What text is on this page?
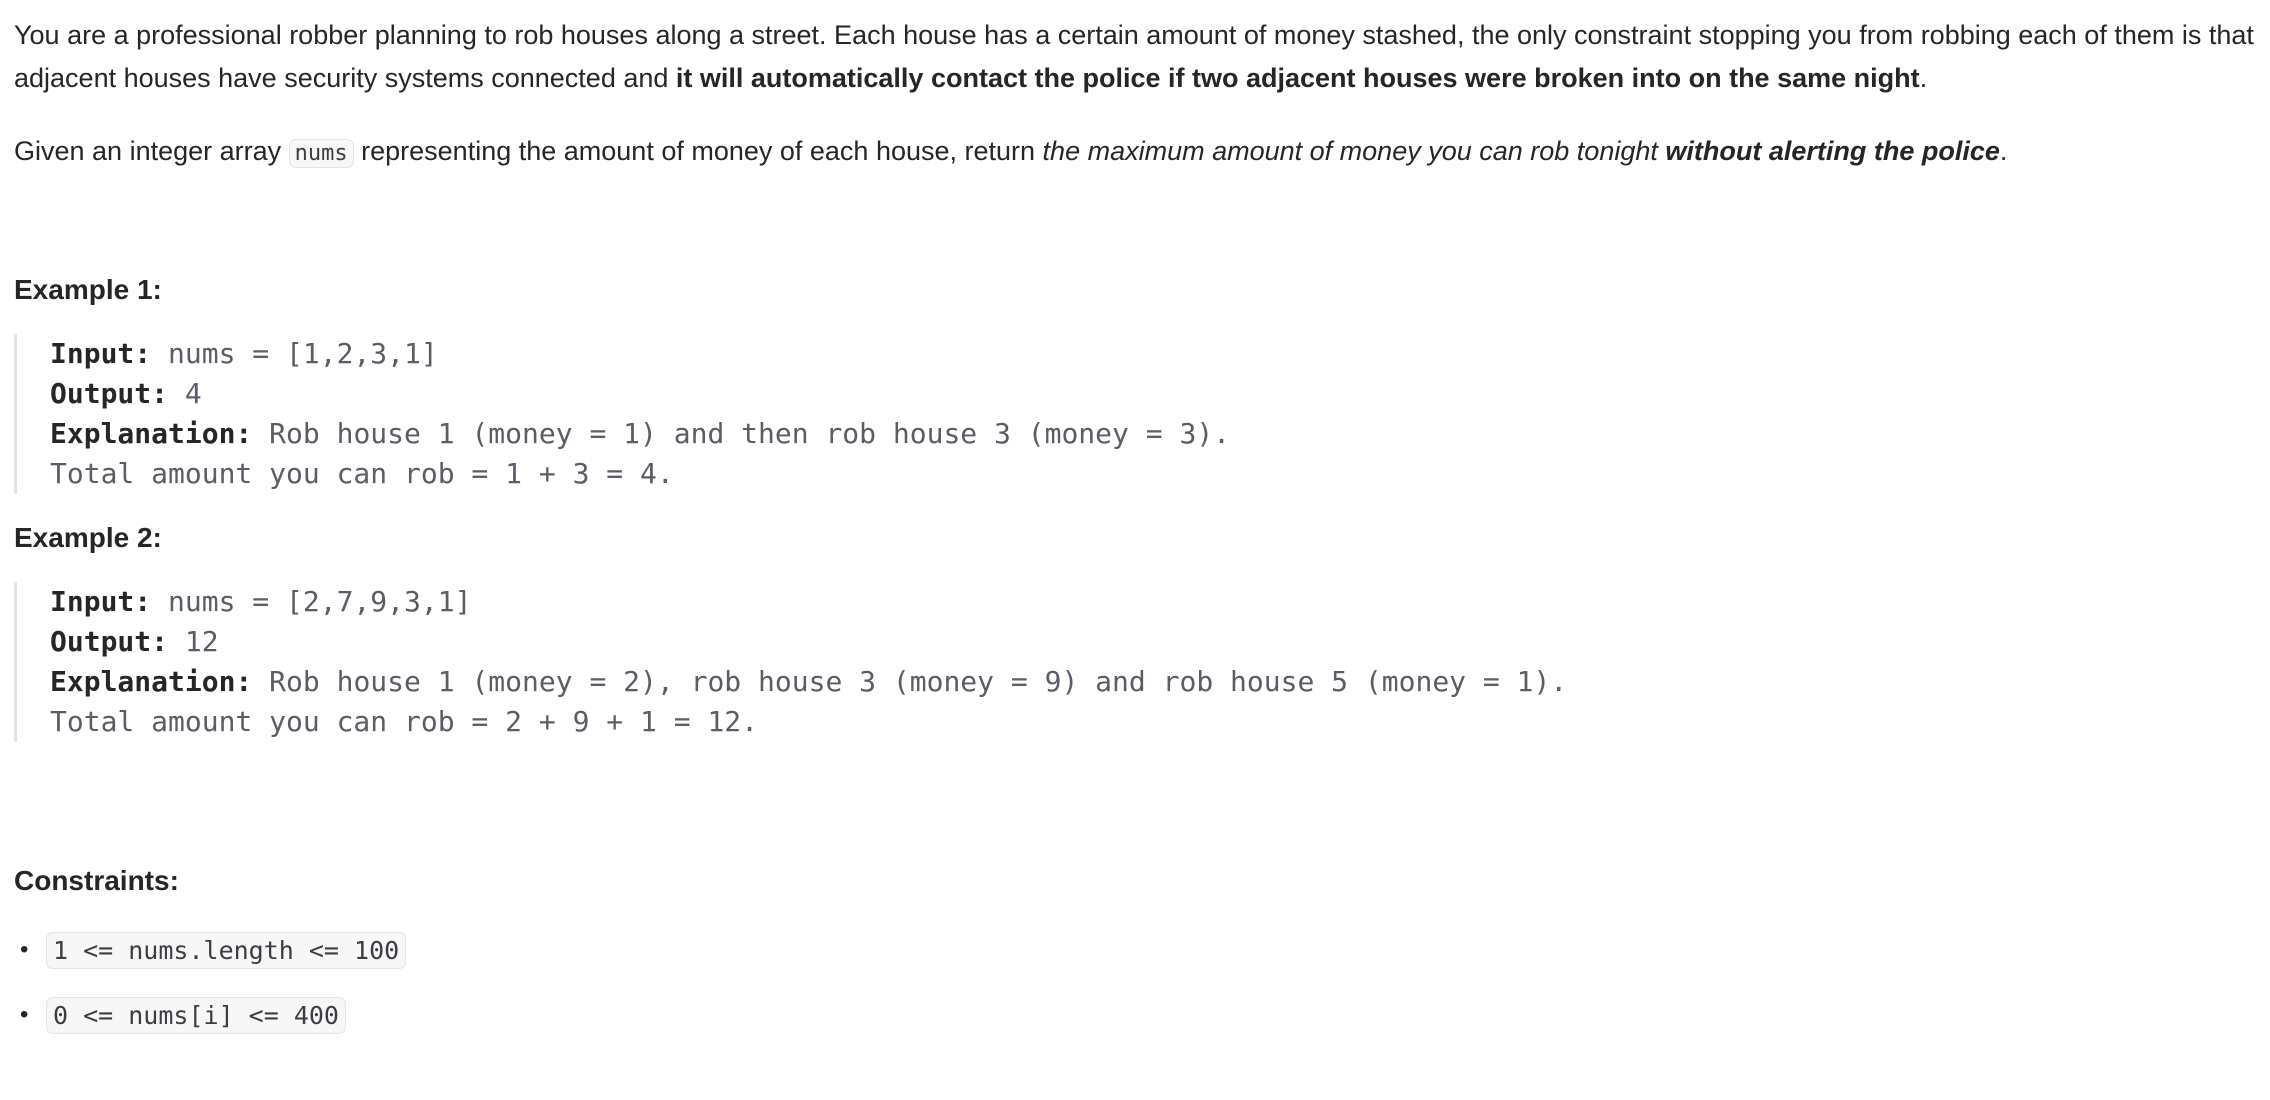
You are a professional robber planning to rob houses along a street. Each house has a certain amount of money stashed, the only constraint stopping you from robbing each of them is that adjacent houses have security systems connected and it will automatically contact the police if two adjacent houses were broken into on the same night.

Given an integer array nums representing the amount of money of each house, return the maximum amount of money you can rob tonight without alerting the police.

Example 1:
Input: nums = [1,2,3,1]
Output: 4
Explanation: Rob house 1 (money = 1) and then rob house 3 (money = 3).
Total amount you can rob = 1 + 3 = 4.
Example 2:
Input: nums = [2,7,9,3,1]
Output: 12
Explanation: Rob house 1 (money = 2), rob house 3 (money = 9) and rob house 5 (money = 1).
Total amount you can rob = 2 + 9 + 1 = 12.
Constraints:
• 1 <= nums.length <= 100
• 0 <= nums[i] <= 400
